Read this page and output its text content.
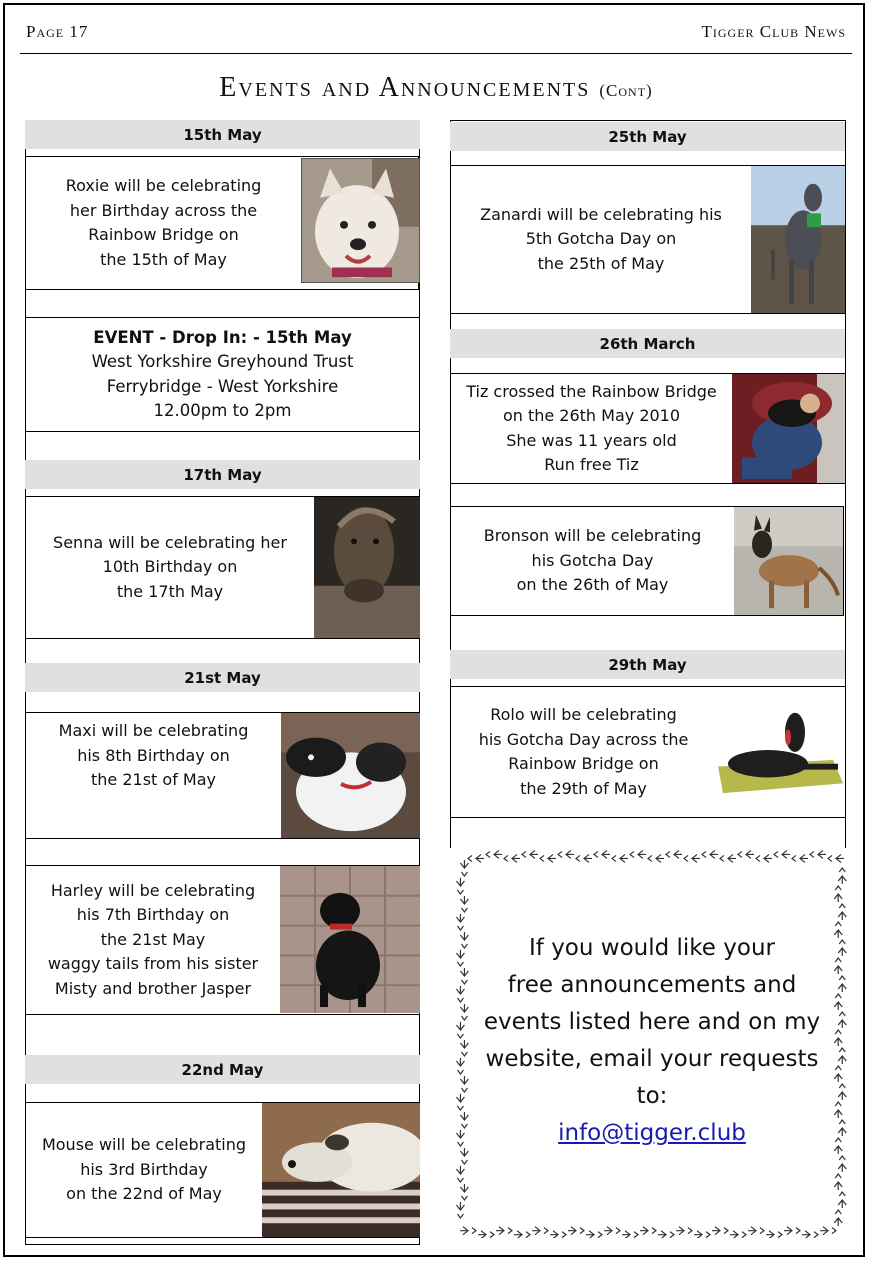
Page 17	Tigger Club News
Events and Announcements (Cont)
15th May
Roxie will be celebrating
her Birthday across the
Rainbow Bridge on
the 15th of May
EVENT - Drop In: - 15th May
West Yorkshire Greyhound Trust
Ferrybridge - West Yorkshire
12.00pm to 2pm
17th May
Senna will be celebrating her
10th Birthday on
the 17th May
21st May
Maxi will be celebrating
his 8th Birthday on
the 21st of May
Harley will be celebrating
his 7th Birthday on
the 21st May
waggy tails from his sister
Misty and brother Jasper
22nd May
Mouse will be celebrating
his 3rd Birthday
on the 22nd of May
25th May
Zanardi will be celebrating his
5th Gotcha Day on
the 25th of May
26th March
Tiz crossed the Rainbow Bridge
on the 26th May 2010
She was 11 years old
Run free Tiz
Bronson will be celebrating
his Gotcha Day
on the 26th of May
29th May
Rolo will be celebrating
his Gotcha Day across the
Rainbow Bridge on
the 29th of May
If you would like your
free announcements and
events listed here and on my
website, email your requests
to:
info@tigger.club
